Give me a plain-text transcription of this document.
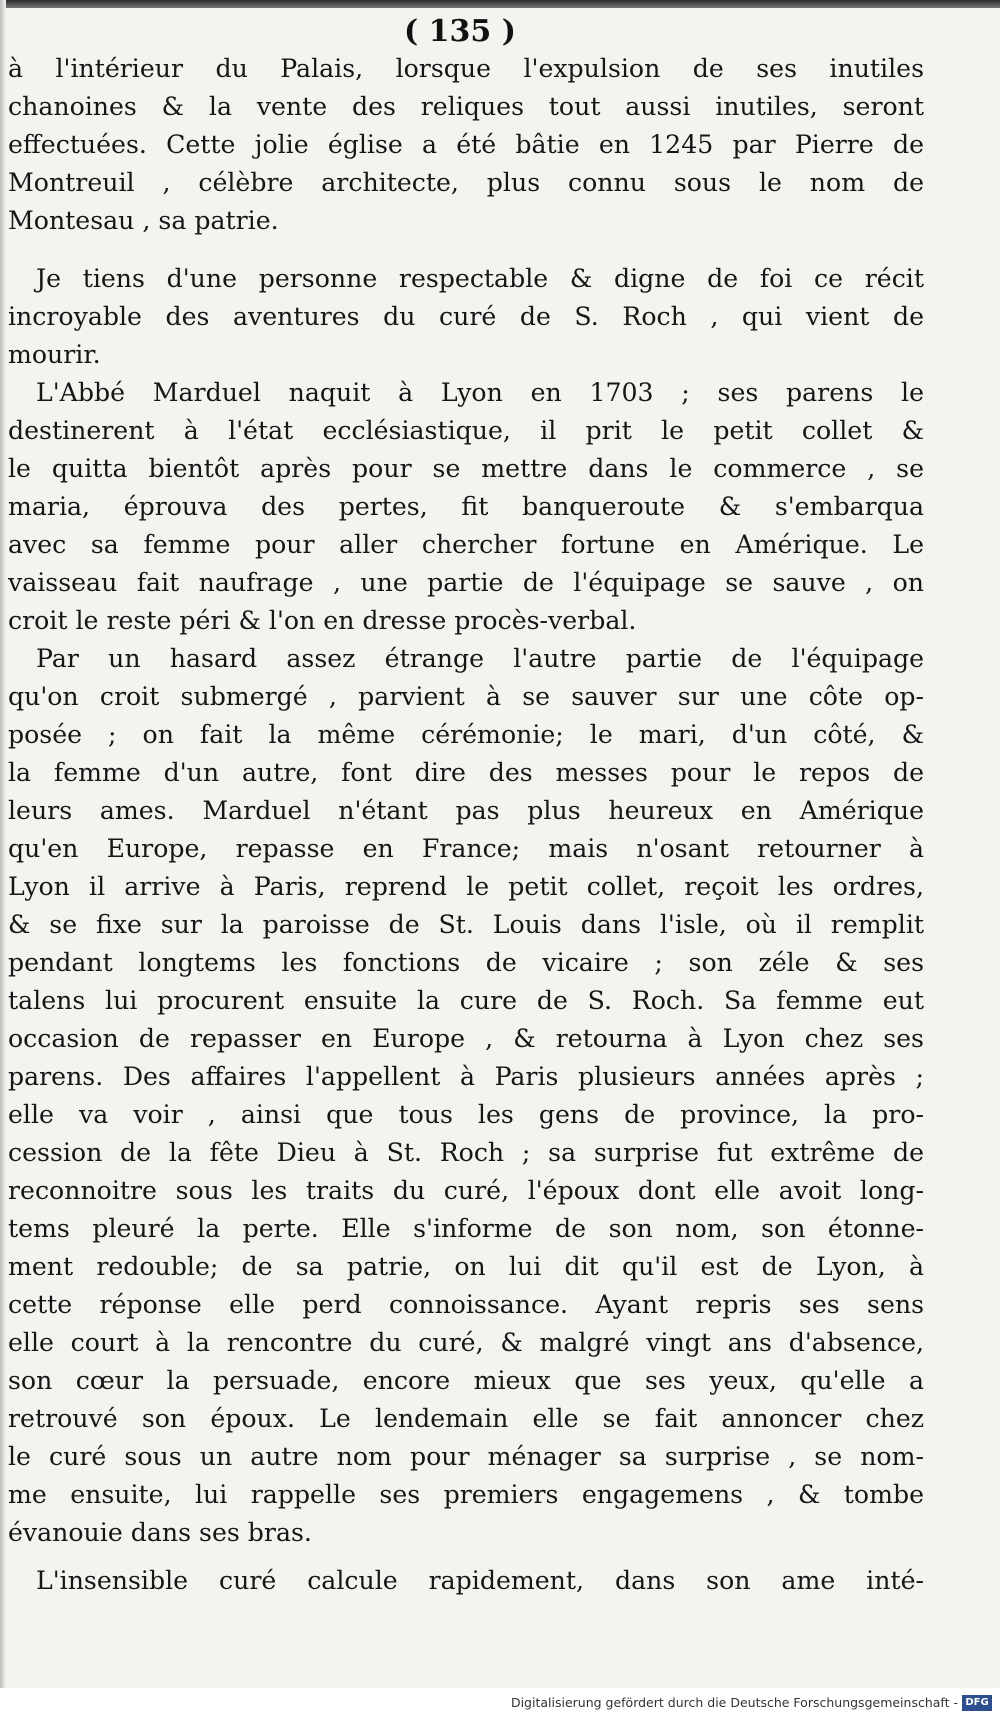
( 135 )
à l'intérieur du Palais, lorsque l'expulsion de ses inutiles
chanoines & la vente des reliques tout aussi inutiles, seront
effectuées. Cette jolie église a été bâtie en 1245 par Pierre de
Montreuil , célèbre architecte, plus connu sous le nom de
Montesau , sa patrie.
Je tiens d'une personne respectable & digne de foi ce récit
incroyable des aventures du curé de S. Roch , qui vient de
mourir.
L'Abbé Marduel naquit à Lyon en 1703 ; ses parens le
destinerent à l'état ecclésiastique, il prit le petit collet &
le quitta bientôt après pour se mettre dans le commerce , se
maria, éprouva des pertes, fit banqueroute & s'embarqua
avec sa femme pour aller chercher fortune en Amérique. Le
vaisseau fait naufrage , une partie de l'équipage se sauve , on
croit le reste péri & l'on en dresse procès-verbal.
Par un hasard assez étrange l'autre partie de l'équipage
qu'on croit submergé , parvient à se sauver sur une côte op-
posée ; on fait la même cérémonie; le mari, d'un côté, &
la femme d'un autre, font dire des messes pour le repos de
leurs ames. Marduel n'étant pas plus heureux en Amérique
qu'en Europe, repasse en France; mais n'osant retourner à
Lyon il arrive à Paris, reprend le petit collet, reçoit les ordres,
& se fixe sur la paroisse de St. Louis dans l'isle, où il remplit
pendant longtems les fonctions de vicaire ; son zéle & ses
talens lui procurent ensuite la cure de S. Roch. Sa femme eut
occasion de repasser en Europe , & retourna à Lyon chez ses
parens. Des affaires l'appellent à Paris plusieurs années après ;
elle va voir , ainsi que tous les gens de province, la pro-
cession de la fête Dieu à St. Roch ; sa surprise fut extrême de
reconnoitre sous les traits du curé, l'époux dont elle avoit long-
tems pleuré la perte. Elle s'informe de son nom, son étonne-
ment redouble; de sa patrie, on lui dit qu'il est de Lyon, à
cette réponse elle perd connoissance. Ayant repris ses sens
elle court à la rencontre du curé, & malgré vingt ans d'absence,
son cœur la persuade, encore mieux que ses yeux, qu'elle a
retrouvé son époux. Le lendemain elle se fait annoncer chez
le curé sous un autre nom pour ménager sa surprise , se nom-
me ensuite, lui rappelle ses premiers engagemens , & tombe
évanouie dans ses bras.
L'insensible curé calcule rapidement, dans son ame inté-
Digitalisierung gefördert durch die Deutsche Forschungsgemeinschaft - DFG
